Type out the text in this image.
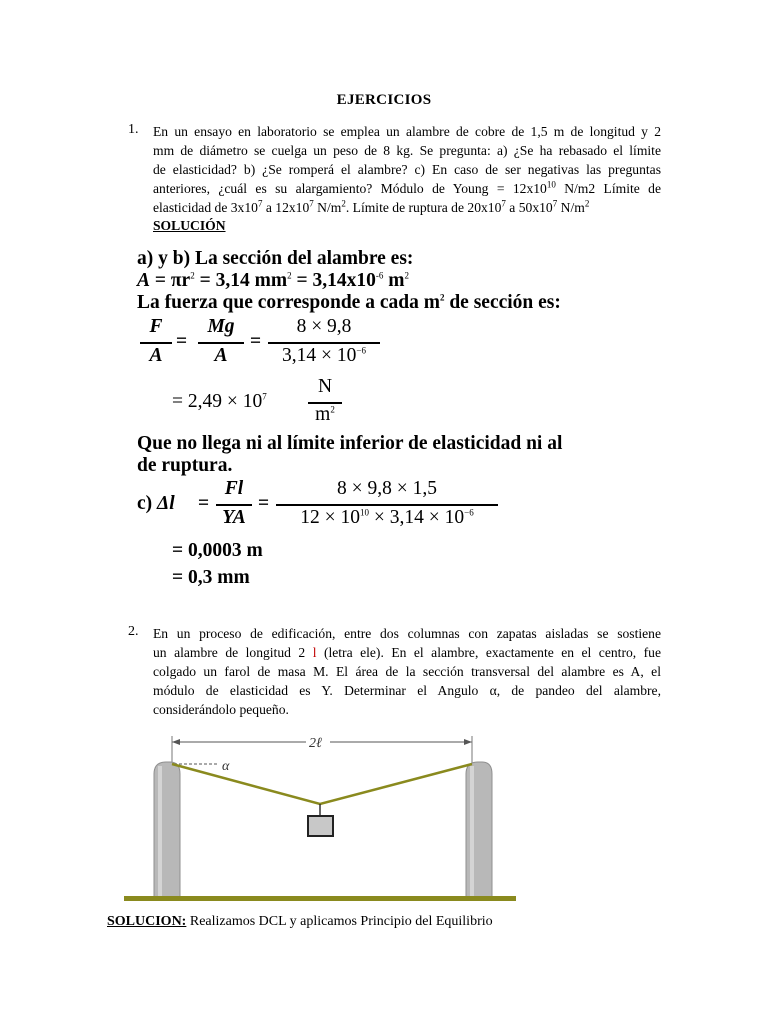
EJERCICIOS
1. En un ensayo en laboratorio se emplea un alambre de cobre de 1,5 m de longitud y 2
mm de diámetro se cuelga un peso de 8 kg. Se pregunta: a) ¿Se ha rebasado el límite
de elasticidad? b) ¿Se romperá el alambre? c) En caso de ser negativas las preguntas
anteriores, ¿cuál es su alargamiento? Módulo de Young = $12x10^{10}$ N/m2 Límite de
elasticidad de $3x10^7$ a $12x10^7$ $N/m^2$. Límite de ruptura de $20x10^7$ a $50x10^7$ $N/m^2$
SOLUCIÓN
a) y b) La sección del alambre es:
$A = \pi r^2 = 3,14$ $mm^2 = 3,14x10^{-6}$ $m^2$
La fuerza que corresponde a cada $m^2$ de sección es:
F
A
=
Mg
A
=
8 × 9,8
$3,14 \times 10^{-6}$
= $2,49 \times 10^7$	N
$m^2$
Que no llega ni al límite inferior de elasticidad ni al
de ruptura.
c) Δl =
Fl
YA
=
8 × 9,8 × 1,5
$12 \times 10^{10} \times 3,14 \times 10^{-6}$
= 0,0003 m
= 0,3 mm
2. En un proceso de edificación, entre dos columnas con zapatas aisladas se sostiene
un alambre de longitud 2 l (letra ele). En el alambre, exactamente en el centro, fue
colgado un farol de masa M. El área de la sección transversal del alambre es A, el
módulo de elasticidad es Y. Determinar el Angulo α, de pandeo del alambre,
considerándolo pequeño.
2ℓ
α
SOLUCION: Realizamos DCL y aplicamos Principio del Equilibrio
